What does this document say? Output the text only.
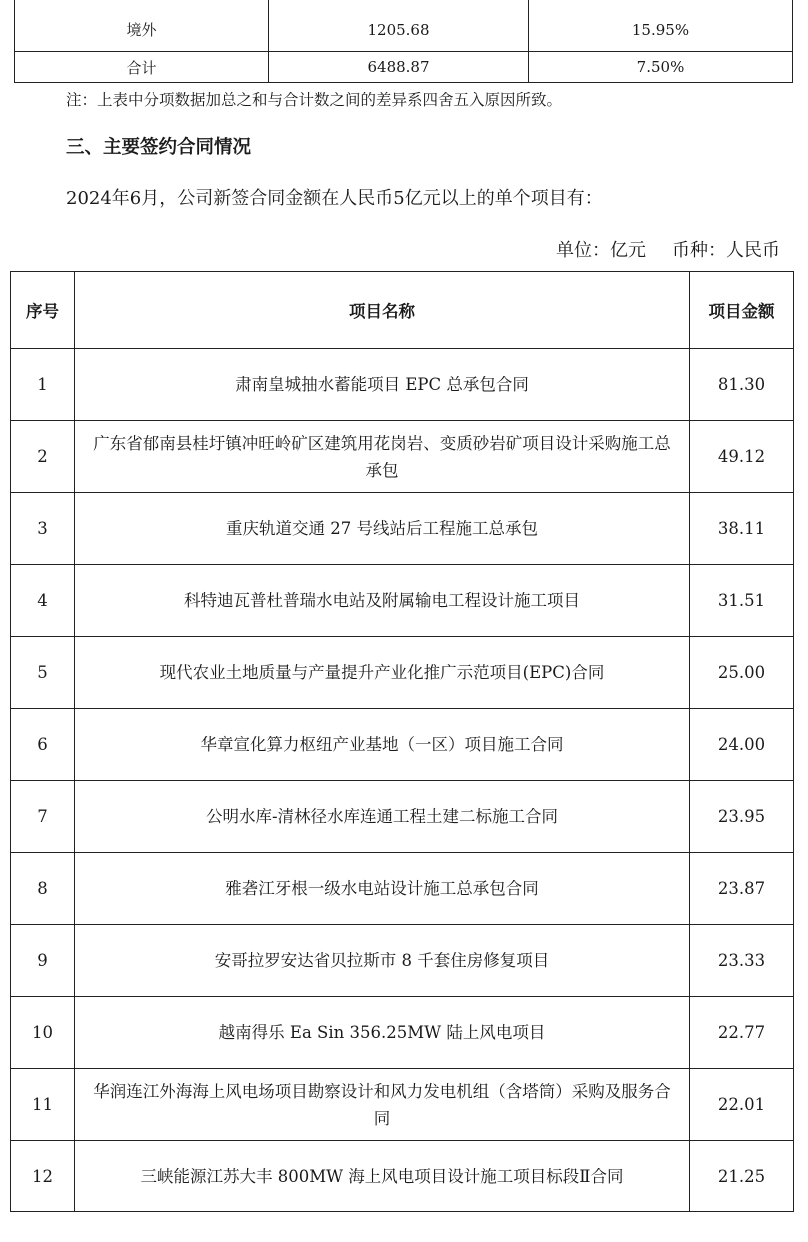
境外	1205.68	15.95%
合计	6488.87	7.50%
注：上表中分项数据加总之和与合计数之间的差异系四舍五入原因所致。
三、主要签约合同情况
2024年6月，公司新签合同金额在人民币5亿元以上的单个项目有：
单位：亿元 币种：人民币
序号	项目名称	项目金额
1	肃南皇城抽水蓄能项目 EPC 总承包合同	81.30
2	广东省郁南县桂圩镇冲旺岭矿区建筑用花岗岩、变质砂岩矿项目设计采购施工总承包	49.12
3	重庆轨道交通 27 号线站后工程施工总承包	38.11
4	科特迪瓦普杜普瑞水电站及附属输电工程设计施工项目	31.51
5	现代农业土地质量与产量提升产业化推广示范项目(EPC)合同	25.00
6	华章宣化算力枢纽产业基地（一区）项目施工合同	24.00
7	公明水库-清林径水库连通工程土建二标施工合同	23.95
8	雅砻江牙根一级水电站设计施工总承包合同	23.87
9	安哥拉罗安达省贝拉斯市 8 千套住房修复项目	23.33
10	越南得乐 Ea Sin 356.25MW 陆上风电项目	22.77
11	华润连江外海海上风电场项目勘察设计和风力发电机组（含塔筒）采购及服务合同	22.01
12	三峡能源江苏大丰 800MW 海上风电项目设计施工项目标段Ⅱ合同	21.25
